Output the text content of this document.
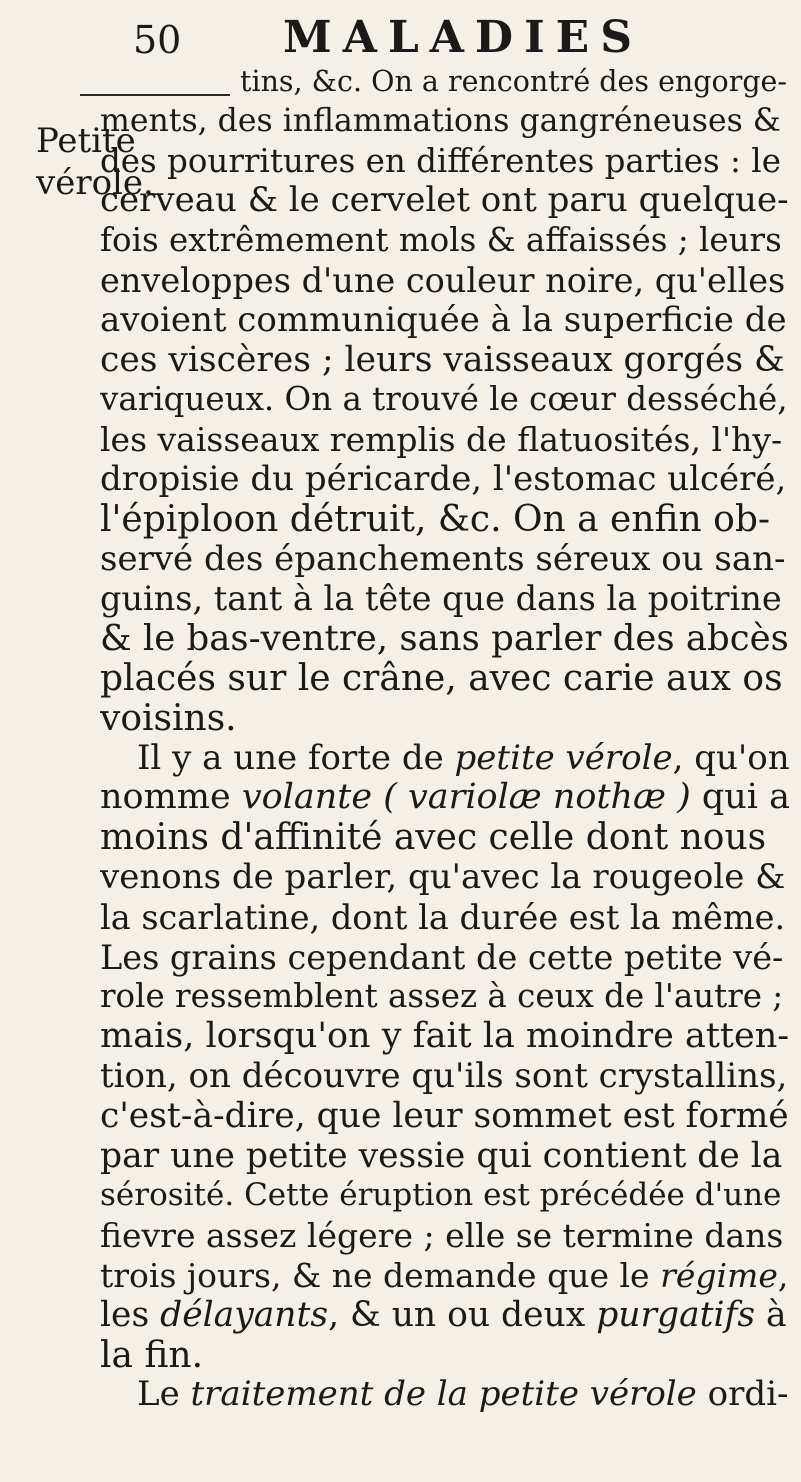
50 MALADIES
Petite
vérole.
tins, &c. On a rencontré des engorge-
ments, des inflammations gangréneuses &
des pourritures en différentes parties : le
cerveau & le cervelet ont paru quelque-
fois extrêmement mols & affaissés ; leurs
enveloppes d'une couleur noire, qu'elles
avoient communiquée à la superficie de
ces viscères ; leurs vaisseaux gorgés &
variqueux. On a trouvé le cœur desséché,
les vaisseaux remplis de flatuosités, l'hy-
dropisie du péricarde, l'estomac ulcéré,
l'épiploon détruit, &c. On a enfin ob-
servé des épanchements séreux ou san-
guins, tant à la tête que dans la poitrine
& le bas-ventre, sans parler des abcès
placés sur le crâne, avec carie aux os
voisins.
Il y a une forte de petite vérole, qu'on
nomme volante ( variolæ nothæ ) qui a
moins d'affinité avec celle dont nous
venons de parler, qu'avec la rougeole &
la scarlatine, dont la durée est la même.
Les grains cependant de cette petite vé-
role ressemblent assez à ceux de l'autre ;
mais, lorsqu'on y fait la moindre atten-
tion, on découvre qu'ils sont crystallins,
c'est-à-dire, que leur sommet est formé
par une petite vessie qui contient de la
sérosité. Cette éruption est précédée d'une
fievre assez légere ; elle se termine dans
trois jours, & ne demande que le régime,
les délayants, & un ou deux purgatifs à
la fin.
Le traitement de la petite vérole ordi-
